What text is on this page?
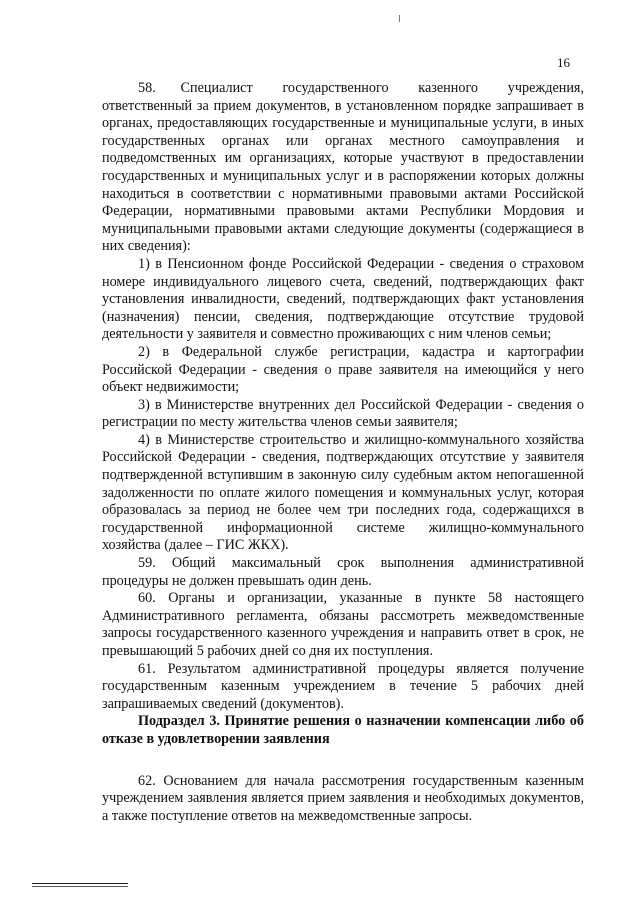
16

58.     Специалист      государственного      казенного      учреждения, ответственный за прием документов, в установленном порядке запрашивает в органах, предоставляющих государственные и муниципальные услуги, в иных государственных органах или органах местного самоуправления и подведомственных им организациях, которые участвуют в предоставлении государственных и муниципальных услуг и в распоряжении которых должны находиться в соответствии с нормативными правовыми актами Российской Федерации, нормативными правовыми актами Республики Мордовия и муниципальными правовыми актами следующие документы (содержащиеся в них сведения):

1) в Пенсионном фонде Российской Федерации - сведения о страховом номере индивидуального лицевого счета, сведений, подтверждающих факт установления инвалидности, сведений, подтверждающих факт установления (назначения) пенсии, сведения, подтверждающие отсутствие трудовой деятельности у заявителя и совместно проживающих с ним членов семьи;

2) в Федеральной службе регистрации, кадастра и картографии Российской Федерации - сведения о праве заявителя на имеющийся у него объект недвижимости;

3) в Министерстве внутренних дел Российской Федерации - сведения о регистрации по месту жительства членов семьи заявителя;

4) в Министерстве строительство и жилищно-коммунального хозяйства Российской Федерации - сведения, подтверждающих отсутствие у заявителя подтвержденной вступившим в законную силу судебным актом непогашенной задолженности по оплате жилого помещения и коммунальных услуг, которая образовалась за период не более чем три последних года, содержащихся в государственной информационной системе жилищно-коммунального хозяйства (далее – ГИС ЖКХ).

59. Общий максимальный срок выполнения административной процедуры не должен превышать один день.

60. Органы и организации, указанные в пункте 58 настоящего Административного регламента, обязаны рассмотреть межведомственные запросы государственного казенного учреждения и направить ответ в срок, не превышающий 5 рабочих дней со дня их поступления.

61. Результатом административной процедуры является получение государственным казенным учреждением в течение 5 рабочих дней запрашиваемых сведений (документов).

Подраздел 3. Принятие решения о назначении компенсации либо об отказе в удовлетворении заявления

62. Основанием для начала рассмотрения государственным казенным учреждением заявления является прием заявления и необходимых документов, а также поступление ответов на межведомственные запросы.
